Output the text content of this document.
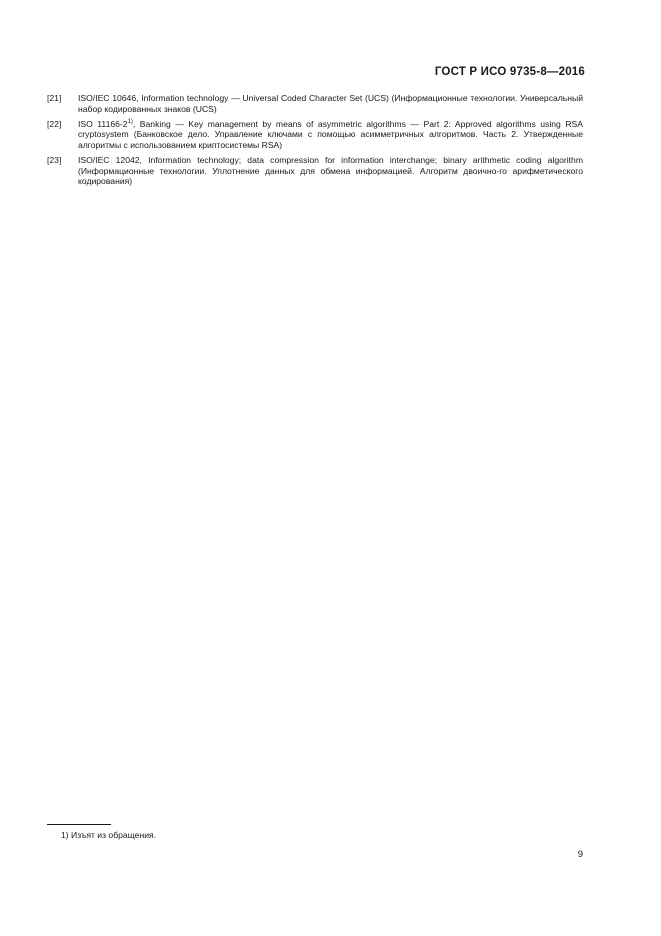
ГОСТ Р ИСО 9735-8—2016
[21]	ISO/IEC 10646, Information technology — Universal Coded Character Set (UCS) (Информационные технологии. Универсальный набор кодированных знаков (UCS)
[22]	ISO 11166-2$^{1)}$, Banking — Key management by means of asymmetric algorithms — Part 2: Approved algorithms using RSA cryptosystem (Банковское дело. Управление ключами с помощью асимметричных алгоритмов. Часть 2. Утвержденные алгоритмы с использованием криптосистемы RSA)
[23]	ISO/IEC 12042, Information technology; data compression for information interchange; binary arithmetic coding algorithm (Информационные технологии. Уплотнение данных для обмена информацией. Алгоритм двоично-го арифметического кодирования)
1) Изъят из обращения.
9
